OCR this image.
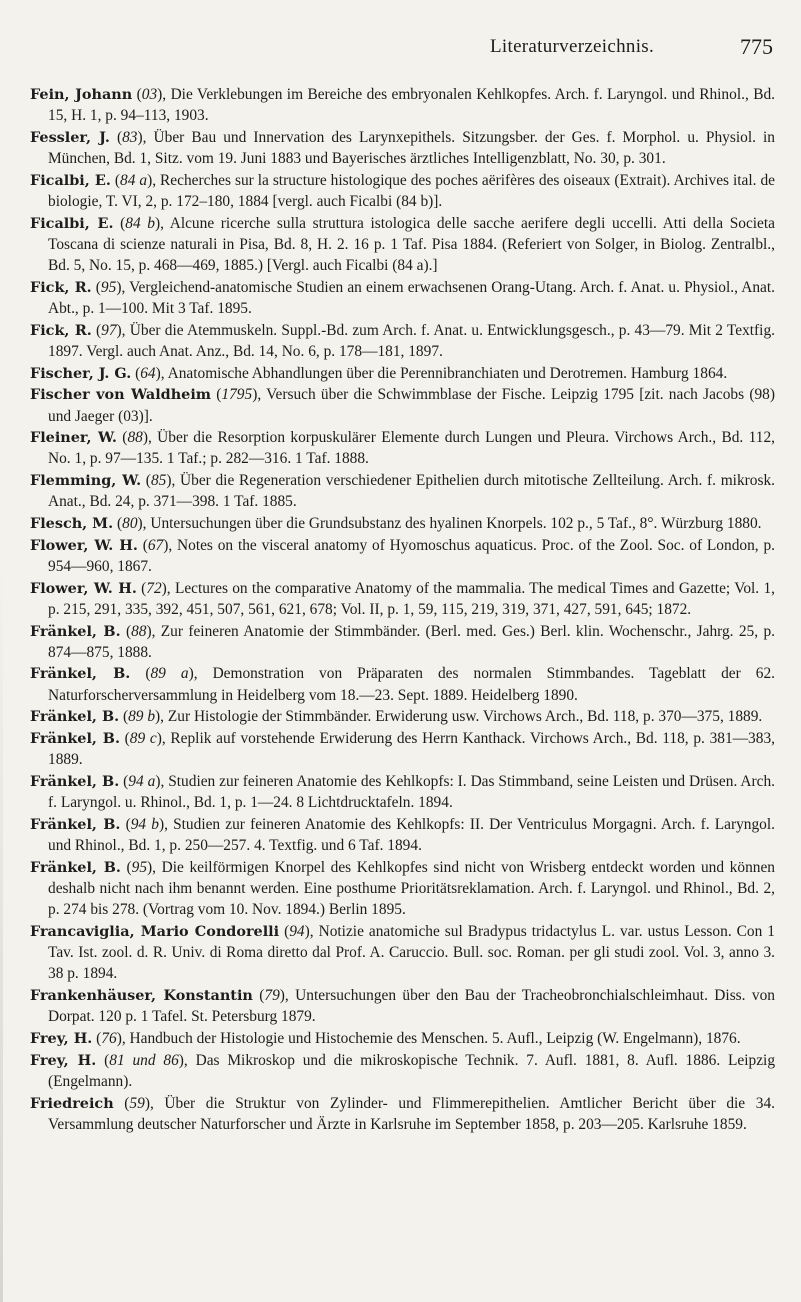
Literaturverzeichnis.	775

Fein, Johann (03), Die Verklebungen im Bereiche des embryonalen Kehlkopfes. Arch. f. Laryngol. und Rhinol., Bd. 15, H. 1, p. 94–113, 1903.

Fessler, J. (83), Über Bau und Innervation des Larynxepithels. Sitzungsber. der Ges. f. Morphol. u. Physiol. in München, Bd. 1, Sitz. vom 19. Juni 1883 und Bayerisches ärztliches Intelligenzblatt, No. 30, p. 301.

Ficalbi, E. (84 a), Recherches sur la structure histologique des poches aërifères des oiseaux (Extrait). Archives ital. de biologie, T. VI, 2, p. 172–180, 1884 [vergl. auch Ficalbi (84 b)].

Ficalbi, E. (84 b), Alcune ricerche sulla struttura istologica delle sacche aerifere degli uccelli. Atti della Societa Toscana di scienze naturali in Pisa, Bd. 8, H. 2. 16 p. 1 Taf. Pisa 1884. (Referiert von Solger, in Biolog. Zentralbl., Bd. 5, No. 15, p. 468—469, 1885.) [Vergl. auch Ficalbi (84 a).]

Fick, R. (95), Vergleichend-anatomische Studien an einem erwachsenen Orang-Utang. Arch. f. Anat. u. Physiol., Anat. Abt., p. 1—100. Mit 3 Taf. 1895.

Fick, R. (97), Über die Atemmuskeln. Suppl.-Bd. zum Arch. f. Anat. u. Entwicklungsgesch., p. 43—79. Mit 2 Textfig. 1897. Vergl. auch Anat. Anz., Bd. 14, No. 6, p. 178—181, 1897.

Fischer, J. G. (64), Anatomische Abhandlungen über die Perennibranchiaten und Derotremen. Hamburg 1864.

Fischer von Waldheim (1795), Versuch über die Schwimmblase der Fische. Leipzig 1795 [zit. nach Jacobs (98) und Jaeger (03)].

Fleiner, W. (88), Über die Resorption korpuskulärer Elemente durch Lungen und Pleura. Virchows Arch., Bd. 112, No. 1, p. 97—135. 1 Taf.; p. 282—316. 1 Taf. 1888.

Flemming, W. (85), Über die Regeneration verschiedener Epithelien durch mitotische Zellteilung. Arch. f. mikrosk. Anat., Bd. 24, p. 371—398. 1 Taf. 1885.

Flesch, M. (80), Untersuchungen über die Grundsubstanz des hyalinen Knorpels. 102 p., 5 Taf., 8°. Würzburg 1880.

Flower, W. H. (67), Notes on the visceral anatomy of Hyomoschus aquaticus. Proc. of the Zool. Soc. of London, p. 954—960, 1867.

Flower, W. H. (72), Lectures on the comparative Anatomy of the mammalia. The medical Times and Gazette; Vol. 1, p. 215, 291, 335, 392, 451, 507, 561, 621, 678; Vol. II, p. 1, 59, 115, 219, 319, 371, 427, 591, 645; 1872.

Fränkel, B. (88), Zur feineren Anatomie der Stimmbänder. (Berl. med. Ges.) Berl. klin. Wochenschr., Jahrg. 25, p. 874—875, 1888.

Fränkel, B. (89 a), Demonstration von Präparaten des normalen Stimmbandes. Tageblatt der 62. Naturforscherversammlung in Heidelberg vom 18.—23. Sept. 1889. Heidelberg 1890.

Fränkel, B. (89 b), Zur Histologie der Stimmbänder. Erwiderung usw. Virchows Arch., Bd. 118, p. 370—375, 1889.

Fränkel, B. (89 c), Replik auf vorstehende Erwiderung des Herrn Kanthack. Virchows Arch., Bd. 118, p. 381—383, 1889.

Fränkel, B. (94 a), Studien zur feineren Anatomie des Kehlkopfs: I. Das Stimmband, seine Leisten und Drüsen. Arch. f. Laryngol. u. Rhinol., Bd. 1, p. 1—24. 8 Lichtdrucktafeln. 1894.

Fränkel, B. (94 b), Studien zur feineren Anatomie des Kehlkopfs: II. Der Ventriculus Morgagni. Arch. f. Laryngol. und Rhinol., Bd. 1, p. 250—257. 4. Textfig. und 6 Taf. 1894.

Fränkel, B. (95), Die keilförmigen Knorpel des Kehlkopfes sind nicht von Wrisberg entdeckt worden und können deshalb nicht nach ihm benannt werden. Eine posthume Prioritätsreklamation. Arch. f. Laryngol. und Rhinol., Bd. 2, p. 274 bis 278. (Vortrag vom 10. Nov. 1894.) Berlin 1895.

Francaviglia, Mario Condorelli (94), Notizie anatomiche sul Bradypus tridactylus L. var. ustus Lesson. Con 1 Tav. Ist. zool. d. R. Univ. di Roma diretto dal Prof. A. Caruccio. Bull. soc. Roman. per gli studi zool. Vol. 3, anno 3. 38 p. 1894.

Frankenhäuser, Konstantin (79), Untersuchungen über den Bau der Tracheobronchialschleimhaut. Diss. von Dorpat. 120 p. 1 Tafel. St. Petersburg 1879.

Frey, H. (76), Handbuch der Histologie und Histochemie des Menschen. 5. Aufl., Leipzig (W. Engelmann), 1876.

Frey, H. (81 und 86), Das Mikroskop und die mikroskopische Technik. 7. Aufl. 1881, 8. Aufl. 1886. Leipzig (Engelmann).

Friedreich (59), Über die Struktur von Zylinder- und Flimmerepithelien. Amtlicher Bericht über die 34. Versammlung deutscher Naturforscher und Ärzte in Karlsruhe im September 1858, p. 203—205. Karlsruhe 1859.
